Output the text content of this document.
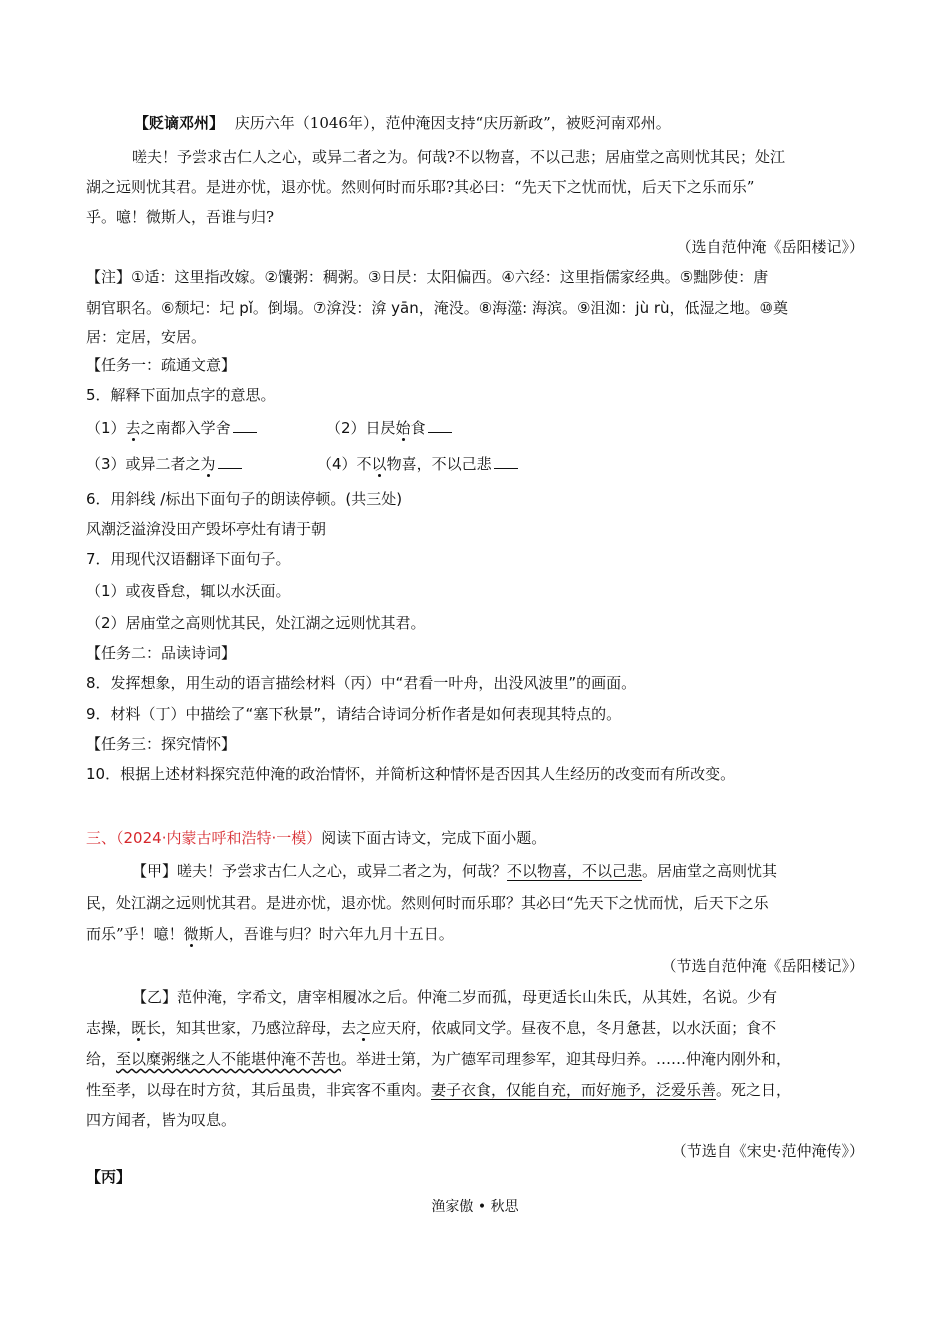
【贬谪邓州】 庆历六年（1046年），范仲淹因支持“庆历新政”，被贬河南邓州。
嗟夫！予尝求古仁人之心，或异二者之为。何哉?不以物喜，不以己悲；居庙堂之高则忧其民；处江
湖之远则忧其君。是进亦忧，退亦忧。然则何时而乐耶?其必曰：“先天下之忧而忧，后天下之乐而乐”
乎。噫！微斯人，吾谁与归?
（选自范仲淹《岳阳楼记》）
【注】①适：这里指改嫁。②馕粥：稠粥。③日昃：太阳偏西。④六经：这里指儒家经典。⑤黜陟使：唐
朝官职名。⑥颓圮：圮 pǐ。倒塌。⑦渰没：渰 yān，淹没。⑧海澨: 海滨。⑨沮洳：jù rù，低湿之地。⑩奠
居：定居，安居。
【任务一：疏通文意】
5．解释下面加点字的意思。
（1）去之南都入学舍	（2）日昃始食
（3）或异二者之为	（4）不以物喜，不以己悲
6．用斜线 /标出下面句子的朗读停顿。(共三处)
风潮泛溢渰没田产毁坏亭灶有请于朝
7．用现代汉语翻译下面句子。
（1）或夜昏怠，辄以水沃面。
（2）居庙堂之高则忧其民，处江湖之远则忧其君。
【任务二：品读诗词】
8．发挥想象，用生动的语言描绘材料（丙）中“君看一叶舟，出没风波里”的画面。
9．材料（丁）中描绘了“塞下秋景”，请结合诗词分析作者是如何表现其特点的。
【任务三：探究情怀】
10．根据上述材料探究范仲淹的政治情怀，并简析这种情怀是否因其人生经历的改变而有所改变。
三、（2024·内蒙古呼和浩特·一模）阅读下面古诗文，完成下面小题。
【甲】嗟夫！予尝求古仁人之心，或异二者之为，何哉？不以物喜，不以己悲。居庙堂之高则忧其
民，处江湖之远则忧其君。是进亦忧，退亦忧。然则何时而乐耶？其必曰“先天下之忧而忧，后天下之乐
而乐”乎！噫！微斯人，吾谁与归？时六年九月十五日。
（节选自范仲淹《岳阳楼记》）
【乙】范仲淹，字希文，唐宰相履冰之后。仲淹二岁而孤，母更适长山朱氏，从其姓，名说。少有
志操，既长，知其世家，乃感泣辞母，去之应天府，依戚同文学。昼夜不息，冬月惫甚，以水沃面；食不
给，至以糜粥继之人不能堪仲淹不苦也。举进士第，为广德军司理参军，迎其母归养。……仲淹内刚外和，
性至孝，以母在时方贫，其后虽贵，非宾客不重肉。妻子衣食，仅能自充，而好施予，泛爱乐善。死之日，
四方闻者，皆为叹息。
（节选自《宋史·范仲淹传》）
【丙】
渔家傲 • 秋思
